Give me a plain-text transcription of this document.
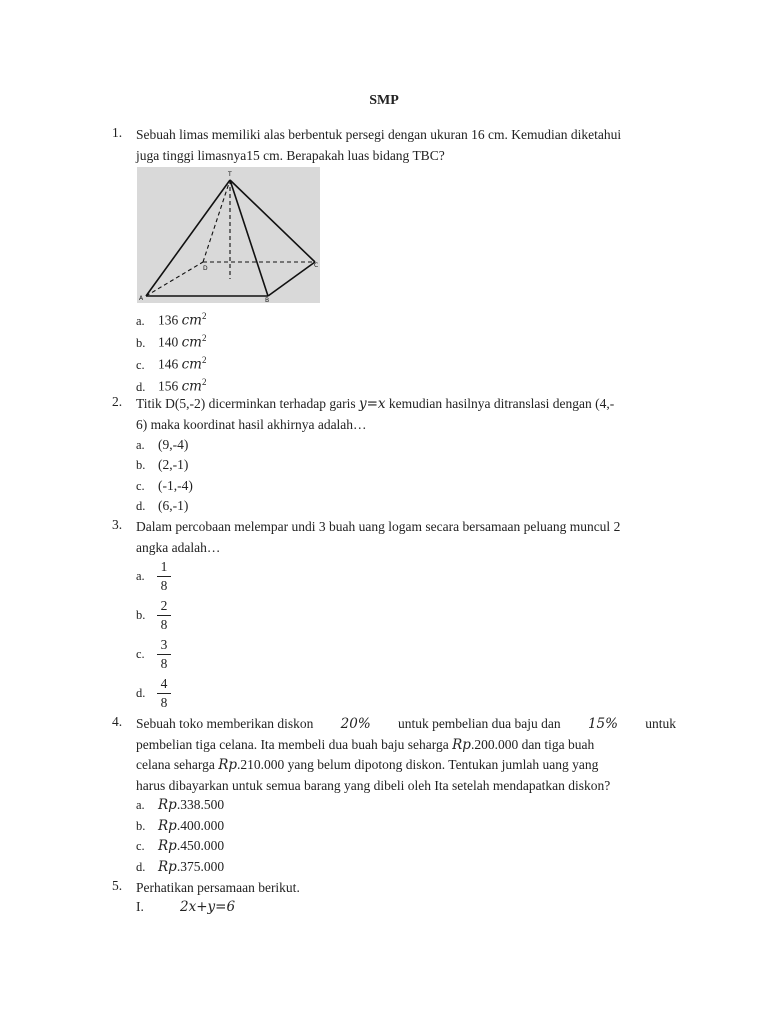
SMP
1. Sebuah limas memiliki alas berbentuk persegi dengan ukuran 16 cm. Kemudian diketahui
juga tinggi limasnya15 cm. Berapakah luas bidang TBC?
T
A	B
C
D
a. 136 $cm^2$
b. 140 $cm^2$
c. 146 $cm^2$
d. 156 $cm^2$
2. Titik D(5,-2) dicerminkan terhadap garis y=x kemudian hasilnya ditranslasi dengan (4,-
6) maka koordinat hasil akhirnya adalah…
a. (9,-4)
b. (2,-1)
c. (-1,-4)
d. (6,-1)
3. Dalam percobaan melempar undi 3 buah uang logam secara bersamaan peluang muncul 2
angka adalah…
a.
1
8
b.
2
8
c.
3
8
d.
4
8
4. Sebuah toko memberikan diskon 20% untuk pembelian dua baju dan 15% untuk
pembelian tiga celana. Ita membeli dua buah baju seharga Rp.200.000 dan tiga buah
celana seharga Rp.210.000 yang belum dipotong diskon. Tentukan jumlah uang yang
harus dibayarkan untuk semua barang yang dibeli oleh Ita setelah mendapatkan diskon?
a. Rp.338.500
b. Rp.400.000
c. Rp.450.000
d. Rp.375.000
5. Perhatikan persamaan berikut.
I.	2x+y=6
